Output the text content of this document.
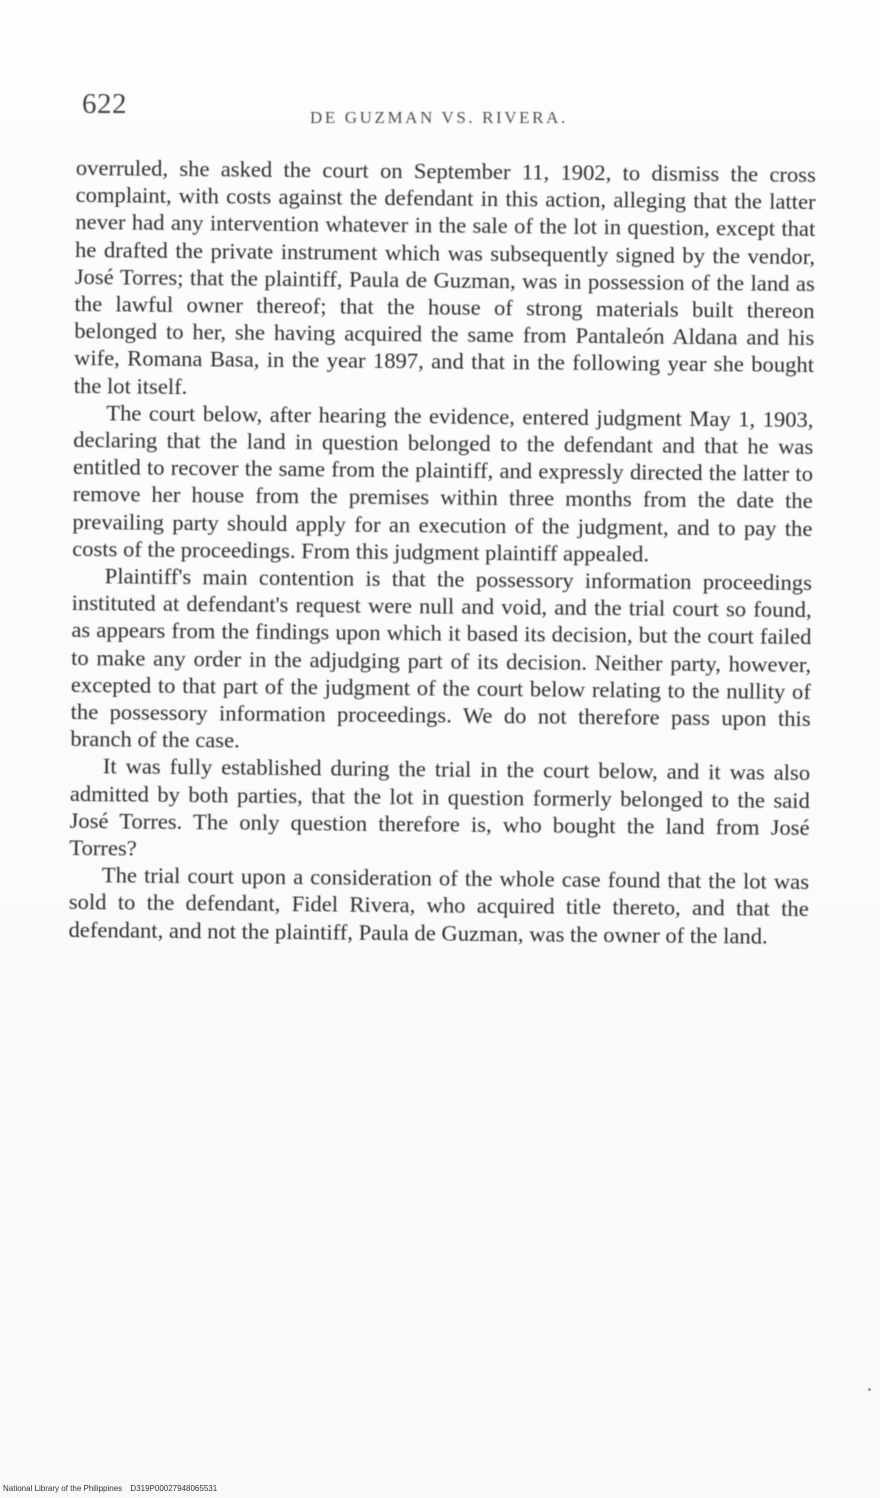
622	DE GUZMAN VS. RIVERA.

overruled, she asked the court on September 11, 1902, to dismiss the cross complaint, with costs against the defendant in this action, alleging that the latter never had any intervention whatever in the sale of the lot in question, except that he drafted the private instrument which was subsequently signed by the vendor, José Torres; that the plaintiff, Paula de Guzman, was in possession of the land as the lawful owner thereof; that the house of strong materials built thereon belonged to her, she having acquired the same from Pantaleón Aldana and his wife, Romana Basa, in the year 1897, and that in the following year she bought the lot itself.

The court below, after hearing the evidence, entered judgment May 1, 1903, declaring that the land in question belonged to the defendant and that he was entitled to recover the same from the plaintiff, and expressly directed the latter to remove her house from the premises within three months from the date the prevailing party should apply for an execution of the judgment, and to pay the costs of the proceedings. From this judgment plaintiff appealed.

Plaintiff's main contention is that the possessory information proceedings instituted at defendant's request were null and void, and the trial court so found, as appears from the findings upon which it based its decision, but the court failed to make any order in the adjudging part of its decision. Neither party, however, excepted to that part of the judgment of the court below relating to the nullity of the possessory information proceedings. We do not therefore pass upon this branch of the case.

It was fully established during the trial in the court below, and it was also admitted by both parties, that the lot in question formerly belonged to the said José Torres. The only question therefore is, who bought the land from José Torres?

The trial court upon a consideration of the whole case found that the lot was sold to the defendant, Fidel Rivera, who acquired title thereto, and that the defendant, and not the plaintiff, Paula de Guzman, was the owner of the land.

National Library of the Philippines D319P00027948065531
